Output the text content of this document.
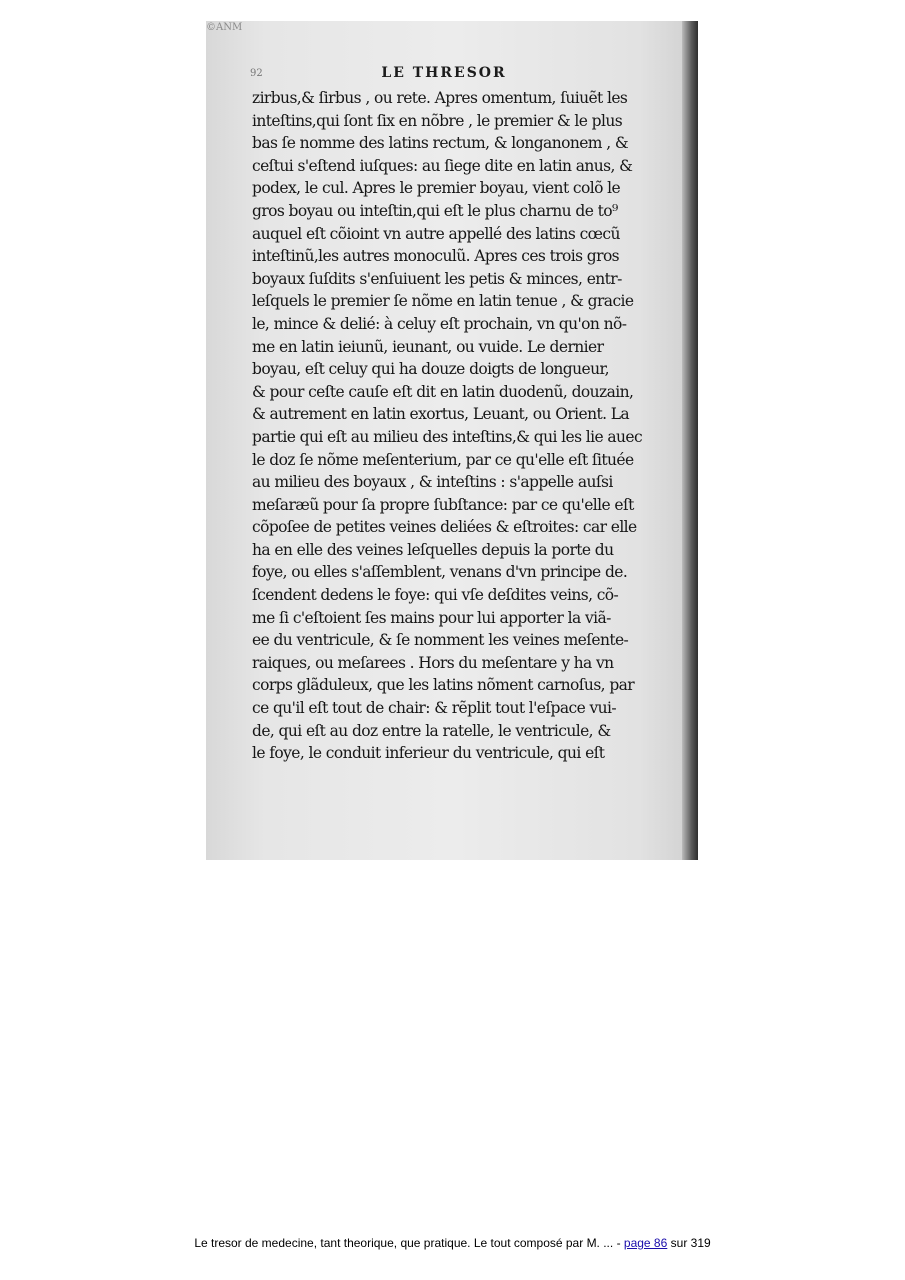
©ANM
92	LE THRESOR
zirbus,& ſirbus , ou rete. Apres omentum, ſuiuẽt les
inteſtins,qui ſont ſix en nõbre , le premier & le plus
bas ſe nomme des latins rectum, & longanonem , &
ceſtui s'eſtend iuſques: au ſiege dite en latin anus, &
podex, le cul. Apres le premier boyau, vient colõ le
gros boyau ou inteſtin,qui eſt le plus charnu de to⁹
auquel eſt cõioint vn autre appellé des latins cœcũ
inteſtinũ,les autres monoculũ. Apres ces trois gros
boyaux ſuſdits s'enſuiuent les petis & minces, entr-
leſquels le premier ſe nõme en latin tenue , & gracie
le, mince & delié: à celuy eſt prochain, vn qu'on nõ-
me en latin ieiunũ, ieunant, ou vuide. Le dernier
boyau, eſt celuy qui ha douze doigts de longueur,
& pour ceſte cauſe eſt dit en latin duodenũ, douzain,
& autrement en latin exortus, Leuant, ou Orient. La
partie qui eſt au milieu des inteſtins,& qui les lie auec
le doz ſe nõme meſenterium, par ce qu'elle eſt ſituée
au milieu des boyaux , & inteſtins : s'appelle auſsi
meſaræũ pour ſa propre ſubſtance: par ce qu'elle eſt
cõpoſee de petites veines deliées & eſtroites: car elle
ha en elle des veines leſquelles depuis la porte du
foye, ou elles s'aſſemblent, venans d'vn principe de.
ſcendent dedens le foye: qui vſe deſdites veins, cõ-
me ſi c'eſtoient ſes mains pour lui apporter la viã-
ee du ventricule, & ſe nomment les veines meſente-
raiques, ou meſarees . Hors du meſentare y ha vn
corps glãduleux, que les latins nõment carnoſus, par
ce qu'il eſt tout de chair: & rẽplit tout l'eſpace vui-
de, qui eſt au doz entre la ratelle, le ventricule, &
le foye, le conduit inferieur du ventricule, qui eſt
Le tresor de medecine, tant theorique, que pratique. Le tout composé par M. ... - page 86 sur 319
